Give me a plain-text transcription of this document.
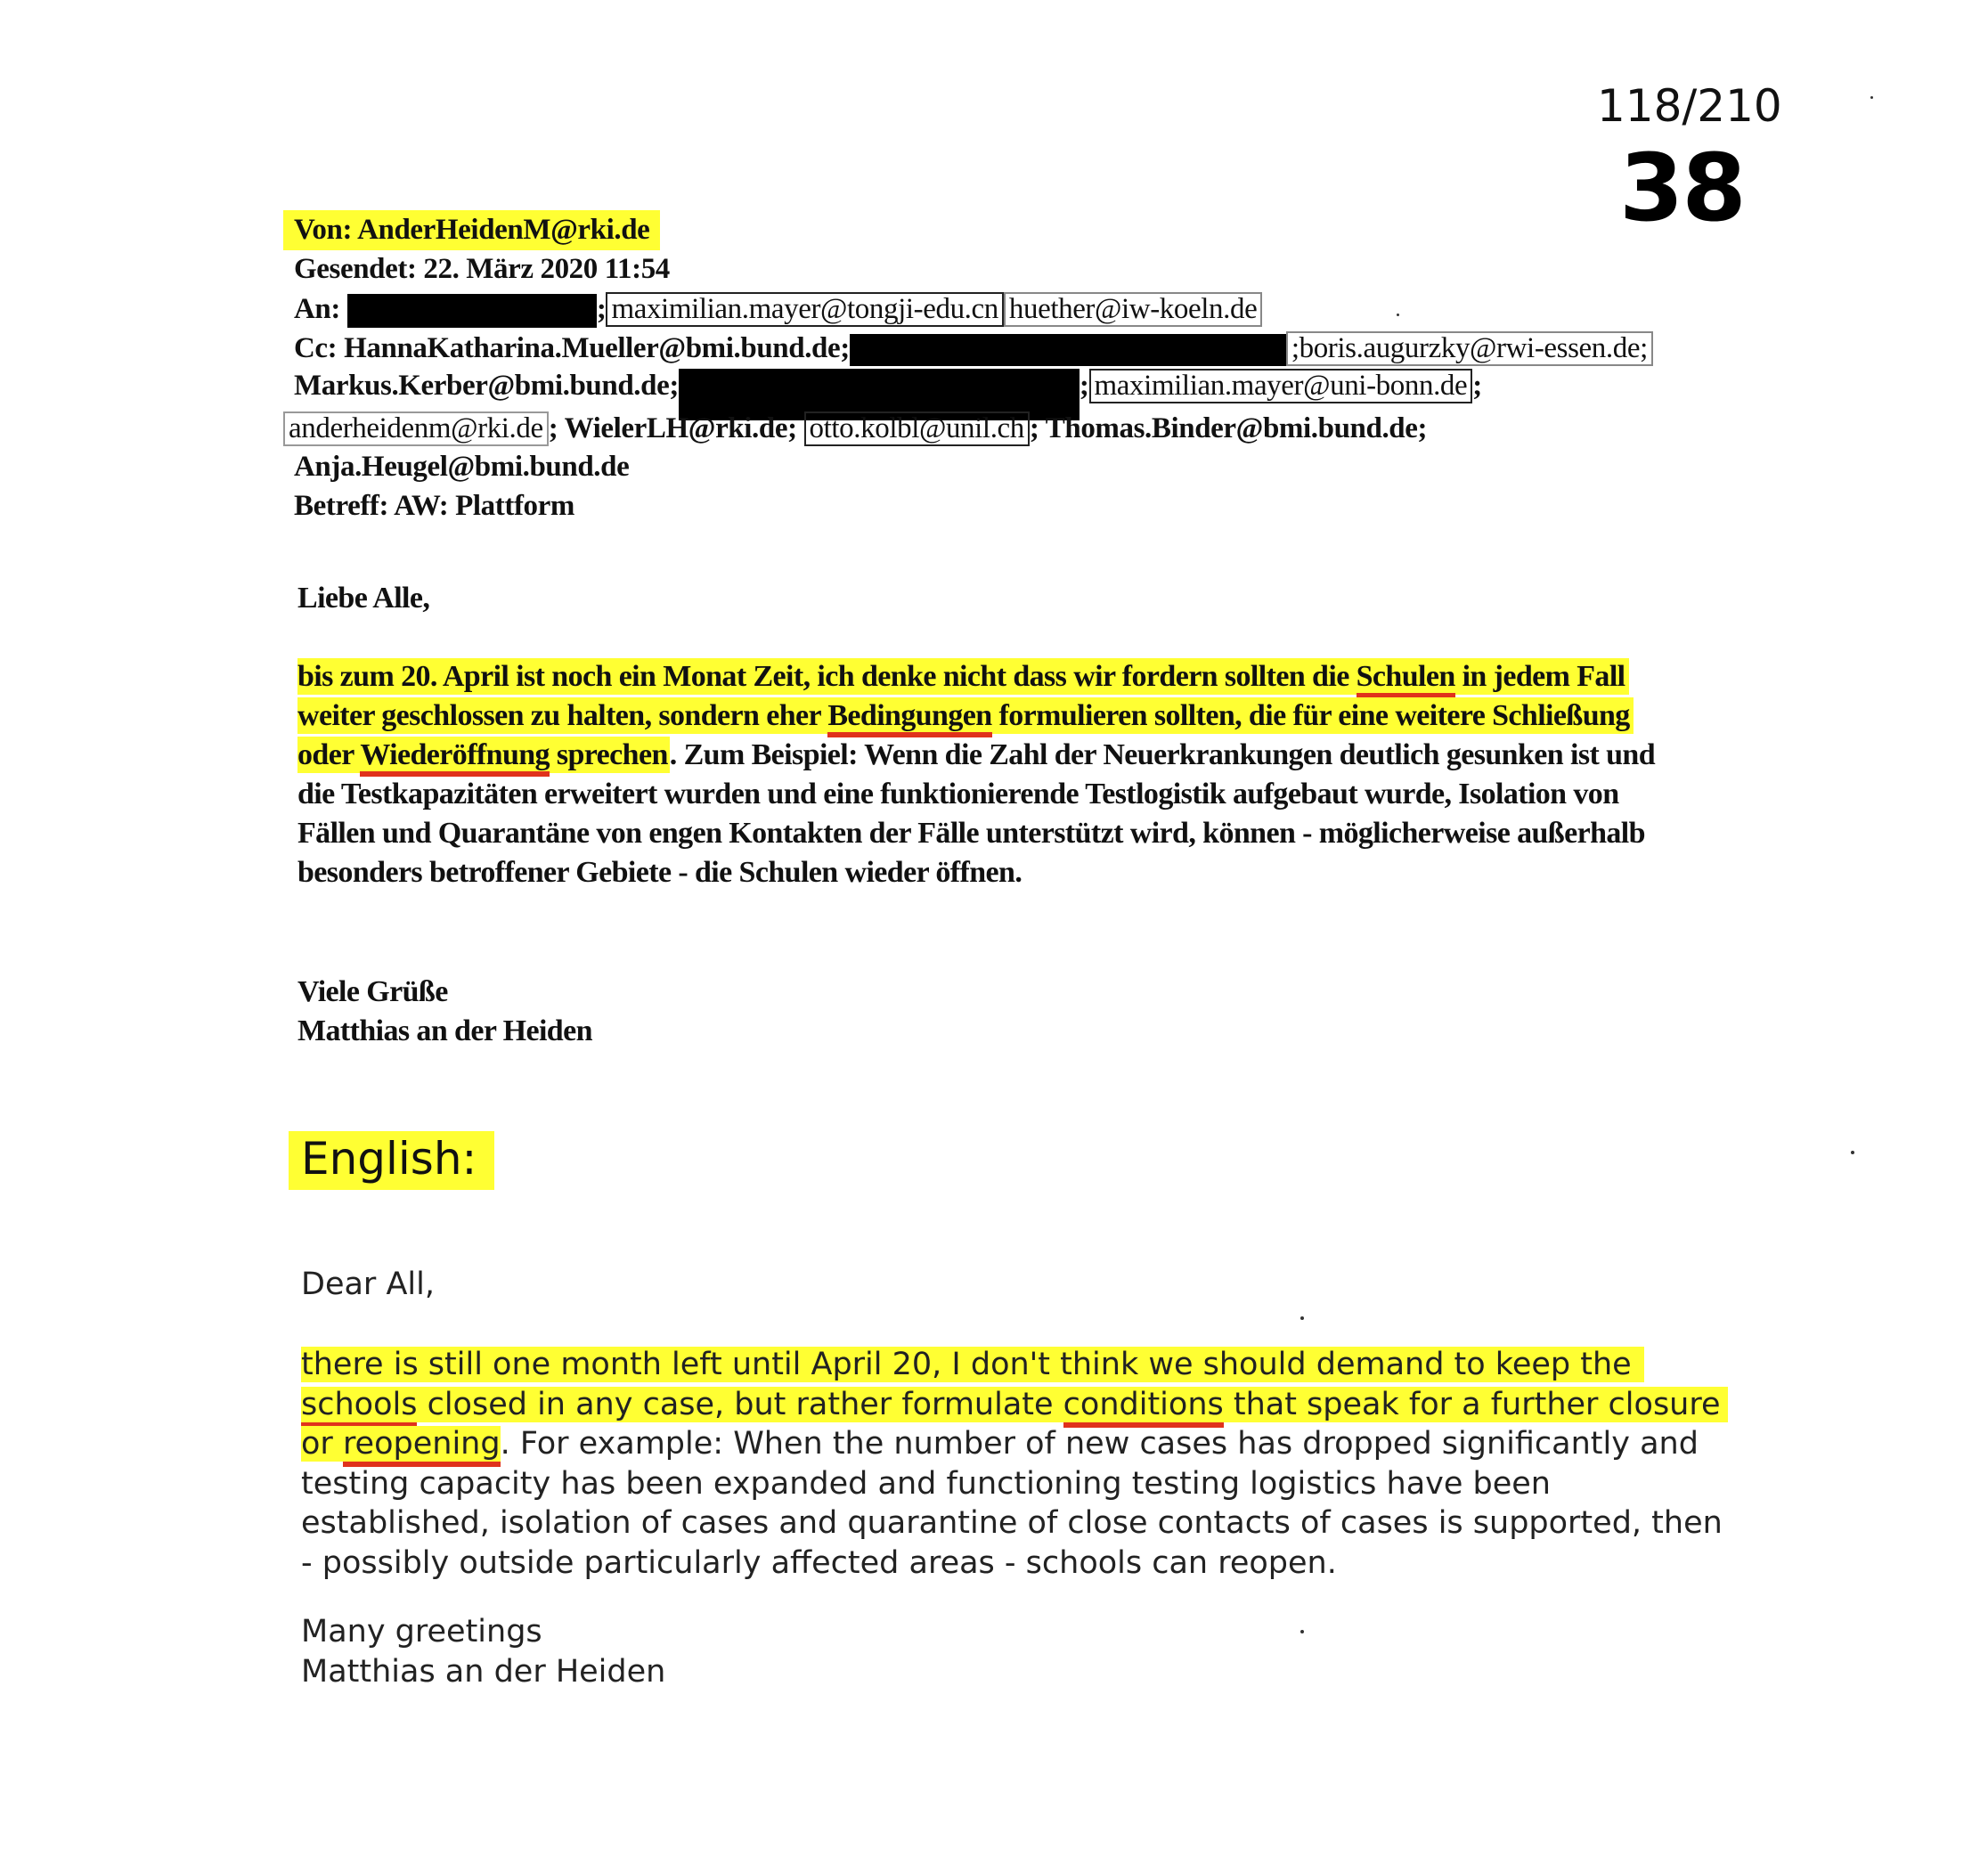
118/210
38
Von: AnderHeidenM@rki.de
Gesendet: 22. März 2020 11:54
An:	; maximilian.mayer@tongji-edu.cn huether@iw-koeln.de
Cc: HannaKatharina.Mueller@bmi.bund.de;	;boris.augurzky@rwi-essen.de;
Markus.Kerber@bmi.bund.de;	; maximilian.mayer@uni-bonn.de ;
anderheidenm@rki.de ; WielerLH@rki.de; otto.kolbl@unil.ch ; Thomas.Binder@bmi.bund.de;
Anja.Heugel@bmi.bund.de
Betreff: AW: Plattform
Liebe Alle,
bis zum 20. April ist noch ein Monat Zeit, ich denke nicht dass wir fordern sollten die Schulen in jedem Fall
weiter geschlossen zu halten, sondern eher Bedingungen formulieren sollten, die für eine weitere Schließung
oder Wiederöffnung sprechen. Zum Beispiel: Wenn die Zahl der Neuerkrankungen deutlich gesunken ist und
die Testkapazitäten erweitert wurden und eine funktionierende Testlogistik aufgebaut wurde, Isolation von
Fällen und Quarantäne von engen Kontakten der Fälle unterstützt wird, können - möglicherweise außerhalb
besonders betroffener Gebiete - die Schulen wieder öffnen.
Viele Grüße
Matthias an der Heiden
English:
Dear All,
there is still one month left until April 20, I don't think we should demand to keep the
schools closed in any case, but rather formulate conditions that speak for a further closure
or reopening. For example: When the number of new cases has dropped significantly and
testing capacity has been expanded and functioning testing logistics have been
established, isolation of cases and quarantine of close contacts of cases is supported, then
- possibly outside particularly affected areas - schools can reopen.
Many greetings
Matthias an der Heiden
